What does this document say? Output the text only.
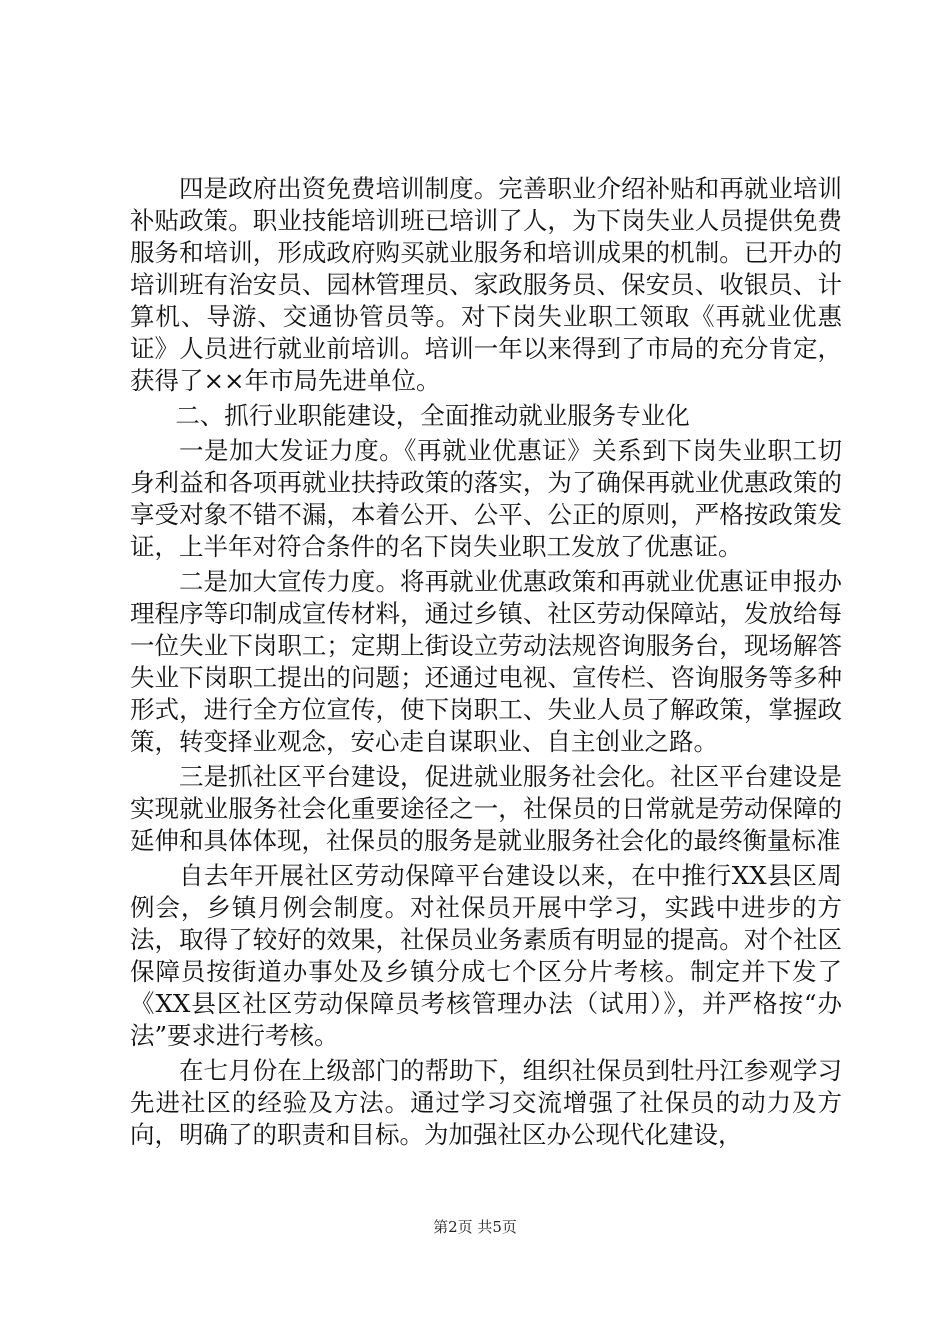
四是政府出资免费培训制度。完善职业介绍补贴和再就业培训补贴政策。职业技能培训班已培训了人，为下岗失业人员提供免费服务和培训，形成政府购买就业服务和培训成果的机制。已开办的培训班有治安员、园林管理员、家政服务员、保安员、收银员、计算机、导游、交通协管员等。对下岗失业职工领取《再就业优惠证》人员进行就业前培训。培训一年以来得到了市局的充分肯定，获得了××年市局先进单位。

二、抓行业职能建设，全面推动就业服务专业化

一是加大发证力度。《再就业优惠证》关系到下岗失业职工切身利益和各项再就业扶持政策的落实，为了确保再就业优惠政策的享受对象不错不漏，本着公开、公平、公正的原则，严格按政策发证，上半年对符合条件的名下岗失业职工发放了优惠证。

二是加大宣传力度。将再就业优惠政策和再就业优惠证申报办理程序等印制成宣传材料，通过乡镇、社区劳动保障站，发放给每一位失业下岗职工；定期上街设立劳动法规咨询服务台，现场解答失业下岗职工提出的问题；还通过电视、宣传栏、咨询服务等多种形式，进行全方位宣传，使下岗职工、失业人员了解政策，掌握政策，转变择业观念，安心走自谋职业、自主创业之路。

三是抓社区平台建设，促进就业服务社会化。社区平台建设是实现就业服务社会化重要途径之一，社保员的日常就是劳动保障的延伸和具体体现，社保员的服务是就业服务社会化的最终衡量标准

自去年开展社区劳动保障平台建设以来，在中推行XX县区周例会，乡镇月例会制度。对社保员开展中学习，实践中进步的方法，取得了较好的效果，社保员业务素质有明显的提高。对个社区保障员按街道办事处及乡镇分成七个区分片考核。制定并下发了《XX县区社区劳动保障员考核管理办法（试用）》，并严格按“办法”要求进行考核。

在七月份在上级部门的帮助下，组织社保员到牡丹江参观学习先进社区的经验及方法。通过学习交流增强了社保员的动力及方向，明确了的职责和目标。为加强社区办公现代化建设，

第2页 共5页
